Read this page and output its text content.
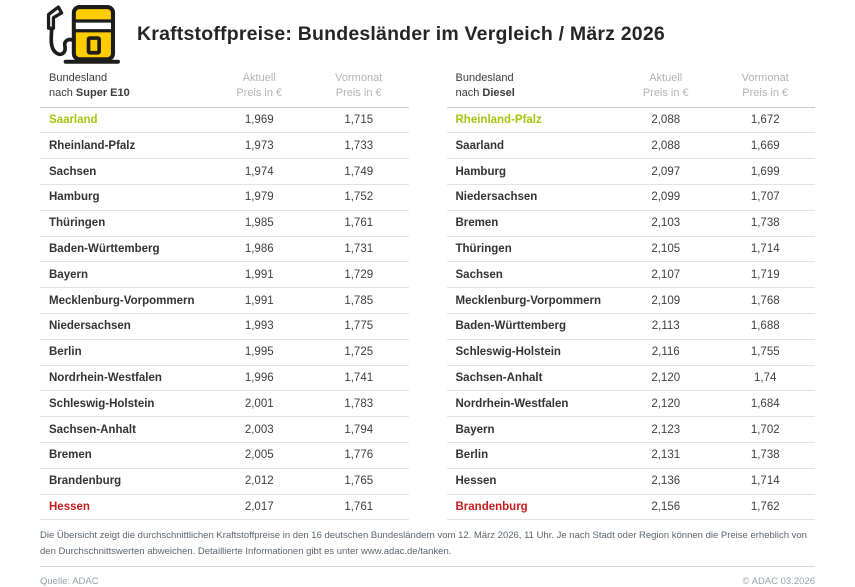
Kraftstoffpreise: Bundesländer im Vergleich / März 2026
Bundesland
nach Super E10
Aktuell
Preis in €
Vormonat
Preis in €
Saarland	1,969	1,715
Rheinland-Pfalz	1,973	1,733
Sachsen	1,974	1,749
Hamburg	1,979	1,752
Thüringen	1,985	1,761
Baden-Württemberg	1,986	1,731
Bayern	1,991	1,729
Mecklenburg-Vorpommern	1,991	1,785
Niedersachsen	1,993	1,775
Berlin	1,995	1,725
Nordrhein-Westfalen	1,996	1,741
Schleswig-Holstein	2,001	1,783
Sachsen-Anhalt	2,003	1,794
Bremen	2,005	1,776
Brandenburg	2,012	1,765
Hessen	2,017	1,761
Bundesland
nach Diesel
Aktuell
Preis in €
Vormonat
Preis in €
Rheinland-Pfalz	2,088	1,672
Saarland	2,088	1,669
Hamburg	2,097	1,699
Niedersachsen	2,099	1,707
Bremen	2,103	1,738
Thüringen	2,105	1,714
Sachsen	2,107	1,719
Mecklenburg-Vorpommern	2,109	1,768
Baden-Württemberg	2,113	1,688
Schleswig-Holstein	2,116	1,755
Sachsen-Anhalt	2,120	1,74
Nordrhein-Westfalen	2,120	1,684
Bayern	2,123	1,702
Berlin	2,131	1,738
Hessen	2,136	1,714
Brandenburg	2,156	1,762

Die Übersicht zeigt die durchschnittlichen Kraftstoffpreise in den 16 deutschen Bundesländern vom 12. März 2026, 11 Uhr. Je nach Stadt oder Region können die Preise erheblich von den Durchschnittswerten abweichen. Detaillierte Informationen gibt es unter www.adac.de/tanken.

Quelle: ADAC	© ADAC 03.2026
